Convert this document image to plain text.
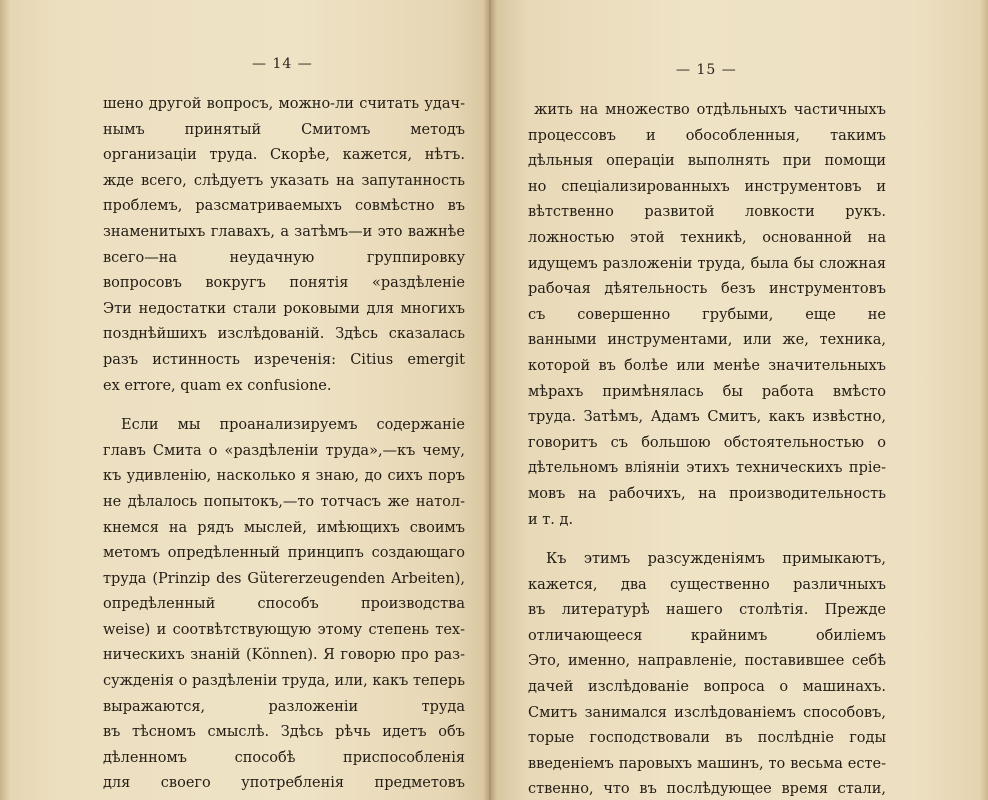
— 14 —
шено другой вопросъ, можно-ли считать удач-
нымъ принятый Смитомъ методъ
организаціи труда. Скорѣе, кажется, нѣтъ.
жде всего, слѣдуетъ указать на запутанность
проблемъ, разсматриваемыхъ совмѣстно въ
знаменитыхъ главахъ, а затѣмъ—и это важнѣе
всего—на неудачную группировку
вопросовъ вокругъ понятія «раздѣленіе
Эти недостатки стали роковыми для многихъ
позднѣйшихъ изслѣдованій. Здѣсь сказалась
разъ истинность изреченія: Citius emergit
ex errore, quam ex confusione.
Если мы проанализируемъ содержаніе
главъ Смита о «раздѣленіи труда»,—къ чему,
къ удивленію, насколько я знаю, до сихъ поръ
не дѣлалось попытокъ,—то тотчасъ же натол-
кнемся на рядъ мыслей, имѣющихъ своимъ
метомъ опредѣленный принципъ создающаго
труда (Prinzip des Gütererzeugenden Arbeiten),
опредѣленный способъ производства
weise) и соотвѣтствующую этому степень тех-
ническихъ знаній (Können). Я говорю про раз-
сужденія о раздѣленіи труда, или, какъ теперь
выражаются, разложеніи труда
въ тѣсномъ смыслѣ. Здѣсь рѣчь идетъ объ
дѣленномъ способѣ приспособленія
для своего употребленія предметовъ
— 15 —
жить на множество отдѣльныхъ частичныхъ
процессовъ и обособленныя, такимъ
дѣльныя операціи выполнять при помощи
но спеціализированныхъ инструментовъ и
вѣтственно развитой ловкости рукъ.
ложностью этой техникѣ, основанной на
идущемъ разложеніи труда, была бы сложная
рабочая дѣятельность безъ инструментовъ
съ совершенно грубыми, еще не
ванными инструментами, или же, техника,
которой въ болѣе или менѣе значительныхъ
мѣрахъ примѣнялась бы работа вмѣсто
труда. Затѣмъ, Адамъ Смитъ, какъ извѣстно,
говоритъ съ большою обстоятельностью о
дѣтельномъ вліяніи этихъ техническихъ пріе-
мовъ на рабочихъ, на производительность
и т. д.
Къ этимъ разсужденіямъ примыкаютъ,
кажется, два существенно различныхъ
въ литературѣ нашего столѣтія. Прежде
отличающееся крайнимъ обиліемъ
Это, именно, направленіе, поставившее себѣ
дачей изслѣдованіе вопроса о машинахъ.
Смитъ занимался изслѣдованіемъ способовъ,
торые господствовали въ послѣдніе годы
введеніемъ паровыхъ машинъ, то весьма есте-
ственно, что въ послѣдующее время стали,
